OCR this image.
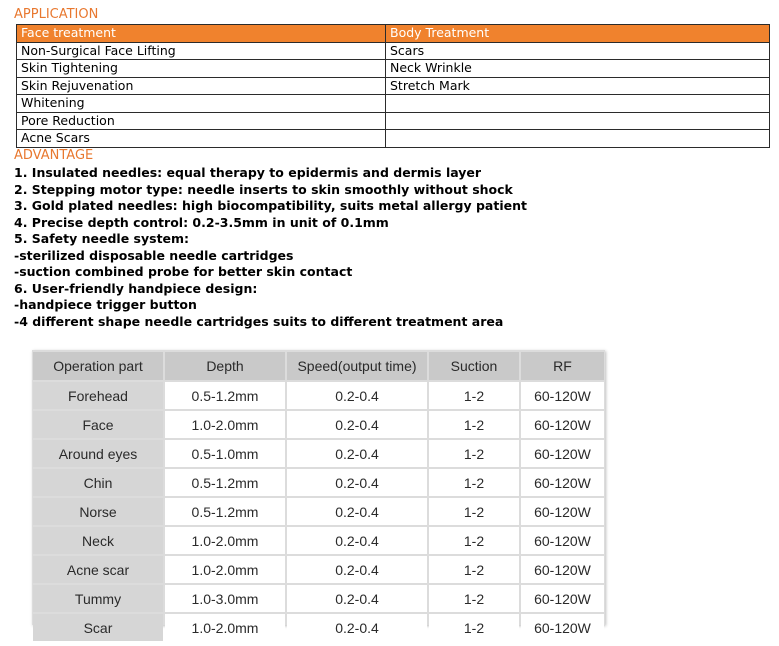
APPLICATION
Face treatment	Body Treatment
Non-Surgical Face Lifting	Scars
Skin Tightening	Neck Wrinkle
Skin Rejuvenation	Stretch Mark
Whitening	
Pore Reduction	
Acne Scars	
ADVANTAGE
1. Insulated needles: equal therapy to epidermis and dermis layer
2. Stepping motor type: needle inserts to skin smoothly without shock
3. Gold plated needles: high biocompatibility, suits metal allergy patient
4. Precise depth control: 0.2-3.5mm in unit of 0.1mm
5. Safety needle system:
-sterilized disposable needle cartridges
-suction combined probe for better skin contact
6. User-friendly handpiece design:
-handpiece trigger button
-4 different shape needle cartridges suits to different treatment area
Operation part	Depth	Speed(output time)	Suction	RF
Forehead	0.5-1.2mm	0.2-0.4	1-2	60-120W
Face	1.0-2.0mm	0.2-0.4	1-2	60-120W
Around eyes	0.5-1.0mm	0.2-0.4	1-2	60-120W
Chin	0.5-1.2mm	0.2-0.4	1-2	60-120W
Norse	0.5-1.2mm	0.2-0.4	1-2	60-120W
Neck	1.0-2.0mm	0.2-0.4	1-2	60-120W
Acne scar	1.0-2.0mm	0.2-0.4	1-2	60-120W
Tummy	1.0-3.0mm	0.2-0.4	1-2	60-120W
Scar	1.0-2.0mm	0.2-0.4	1-2	60-120W
